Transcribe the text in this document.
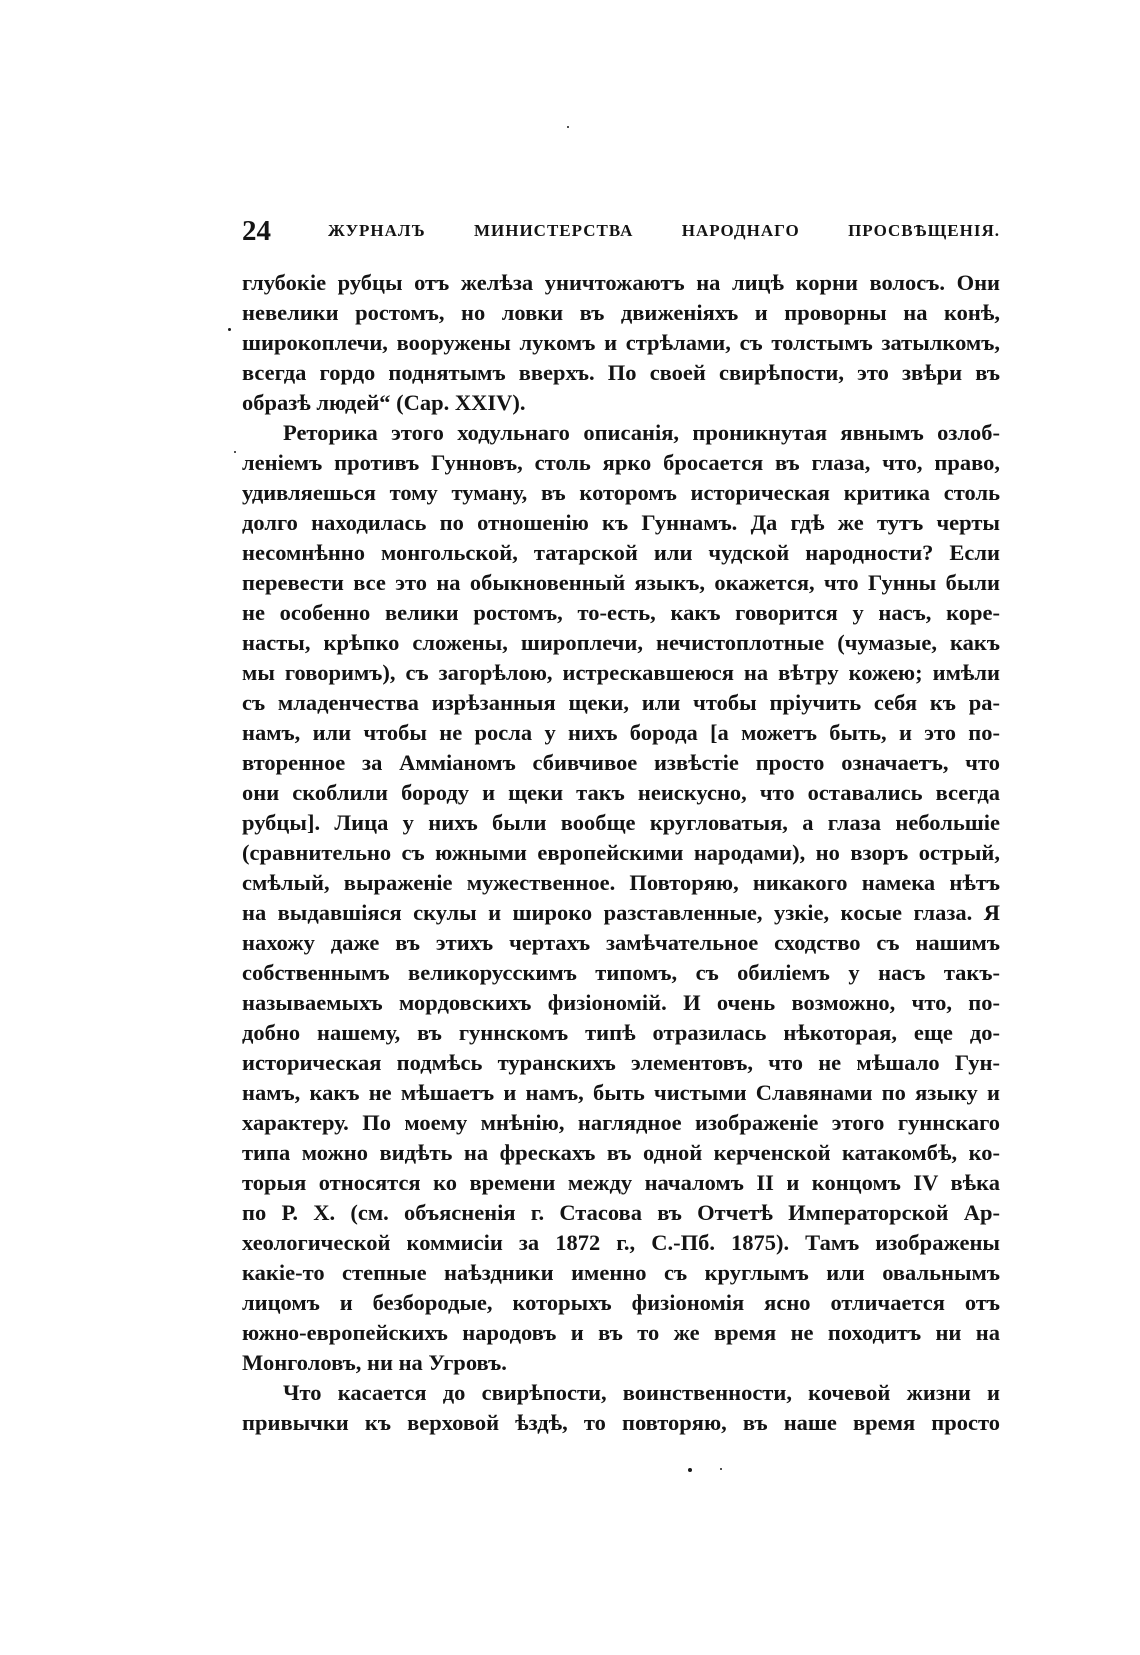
24	ЖУРНАЛЪ МИНИСТЕРСТВА НАРОДНАГО ПРОСВѢЩЕНІЯ.
глубокіе рубцы отъ желѣза уничтожаютъ на лицѣ корни волосъ. Они
невелики ростомъ, но ловки въ движеніяхъ и проворны на конѣ,
широкоплечи, вооружены лукомъ и стрѣлами, съ толстымъ затылкомъ,
всегда гордо поднятымъ вверхъ. По своей свирѣпости, это звѣри въ
образѣ людей“ (Сар. XXIV).
Реторика этого ходульнаго описанія, проникнутая явнымъ озлоб-
леніемъ противъ Гунновъ, столь ярко бросается въ глаза, что, право,
удивляешься тому туману, въ которомъ историческая критика столь
долго находилась по отношенію къ Гуннамъ. Да гдѣ же тутъ черты
несомнѣнно монгольской, татарской или чудской народности? Если
перевести все это на обыкновенный языкъ, окажется, что Гунны были
не особенно велики ростомъ, то-есть, какъ говорится у насъ, коре-
насты, крѣпко сложены, широплечи, нечистоплотные (чумазые, какъ
мы говоримъ), съ загорѣлою, истрескавшеюся на вѣтру кожею; имѣли
съ младенчества изрѣзанныя щеки, или чтобы пріучить себя къ ра-
намъ, или чтобы не росла у нихъ борода [а можетъ быть, и это по-
вторенное за Амміаномъ сбивчивое извѣстіе просто означаетъ, что
они скоблили бороду и щеки такъ неискусно, что оставались всегда
рубцы]. Лица у нихъ были вообще кругловатыя, а глаза небольшіе
(сравнительно съ южными европейскими народами), но взоръ острый,
смѣлый, выраженіе мужественное. Повторяю, никакого намека нѣтъ
на выдавшіяся скулы и широко разставленные, узкіе, косые глаза. Я
нахожу даже въ этихъ чертахъ замѣчательное сходство съ нашимъ
собственнымъ великорусскимъ типомъ, съ обиліемъ у насъ такъ-
называемыхъ мордовскихъ физіономій. И очень возможно, что, по-
добно нашему, въ гуннскомъ типѣ отразилась нѣкоторая, еще до-
историческая подмѣсь туранскихъ элементовъ, что не мѣшало Гун-
намъ, какъ не мѣшаетъ и намъ, быть чистыми Славянами по языку и
характеру. По моему мнѣнію, наглядное изображеніе этого гуннскаго
типа можно видѣть на фрескахъ въ одной керченской катакомбѣ, ко-
торыя относятся ко времени между началомъ II и концомъ IV вѣка
по Р. Х. (см. объясненія г. Стасова въ Отчетѣ Императорской Ар-
хеологической коммисіи за 1872 г., С.-Пб. 1875). Тамъ изображены
какіе-то степные наѣздники именно съ круглымъ или овальнымъ
лицомъ и безбородые, которыхъ физіономія ясно отличается отъ
южно-европейскихъ народовъ и въ то же время не походитъ ни на
Монголовъ, ни на Угровъ.
Что касается до свирѣпости, воинственности, кочевой жизни и
привычки къ верховой ѣздѣ, то повторяю, въ наше время просто
